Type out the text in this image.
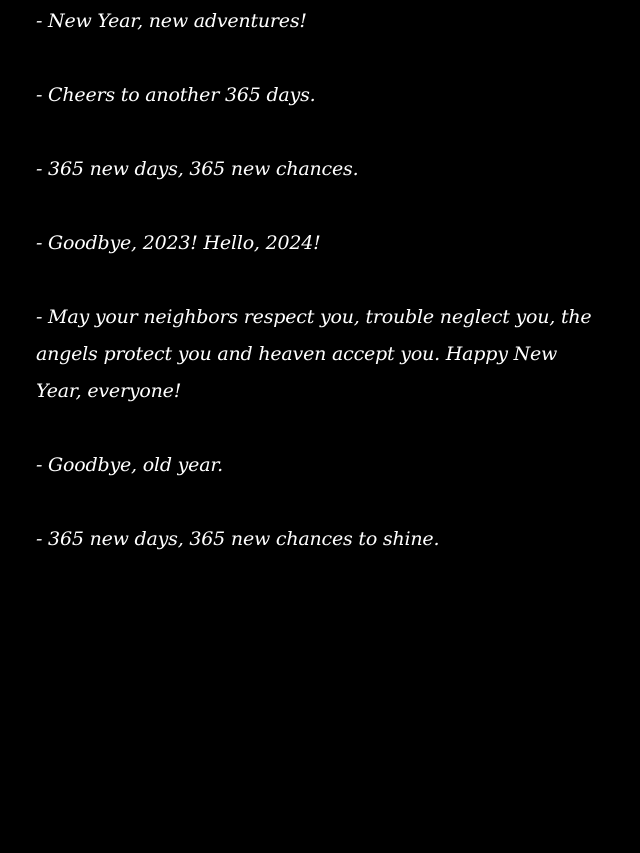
- New Year, new adventures!
- Cheers to another 365 days.
- 365 new days, 365 new chances.
- Goodbye, 2023! Hello, 2024!
- May your neighbors respect you, trouble neglect you, the angels protect you and heaven accept you. Happy New Year, everyone!
- Goodbye, old year.
- 365 new days, 365 new chances to shine.
